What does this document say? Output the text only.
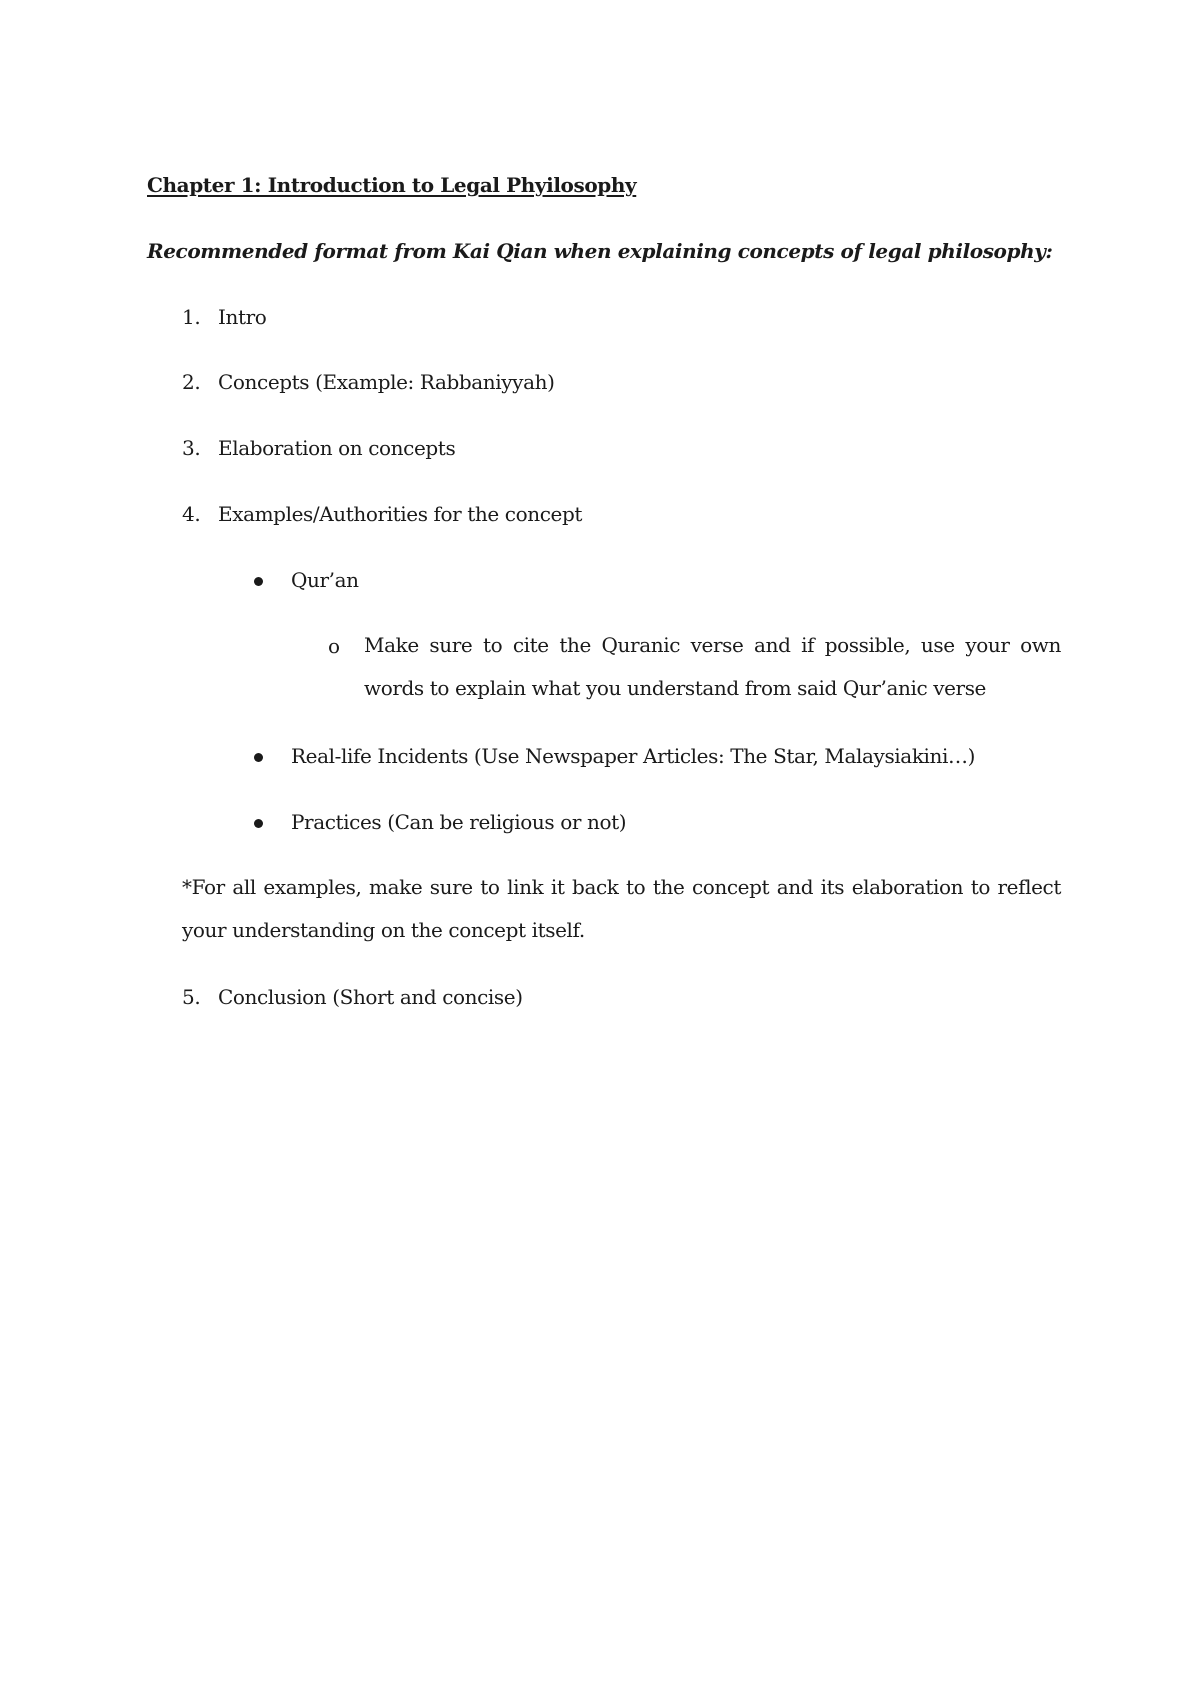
Chapter 1: Introduction to Legal Phyilosophy
Recommended format from Kai Qian when explaining concepts of legal philosophy:
1. Intro
2. Concepts (Example: Rabbaniyyah)
3. Elaboration on concepts
4. Examples/Authorities for the concept
Qur’an
o Make sure to cite the Quranic verse and if possible, use your own
words to explain what you understand from said Qur’anic verse
Real-life Incidents (Use Newspaper Articles: The Star, Malaysiakini…)
Practices (Can be religious or not)
*For all examples, make sure to link it back to the concept and its elaboration to reflect
your understanding on the concept itself.
5. Conclusion (Short and concise)
